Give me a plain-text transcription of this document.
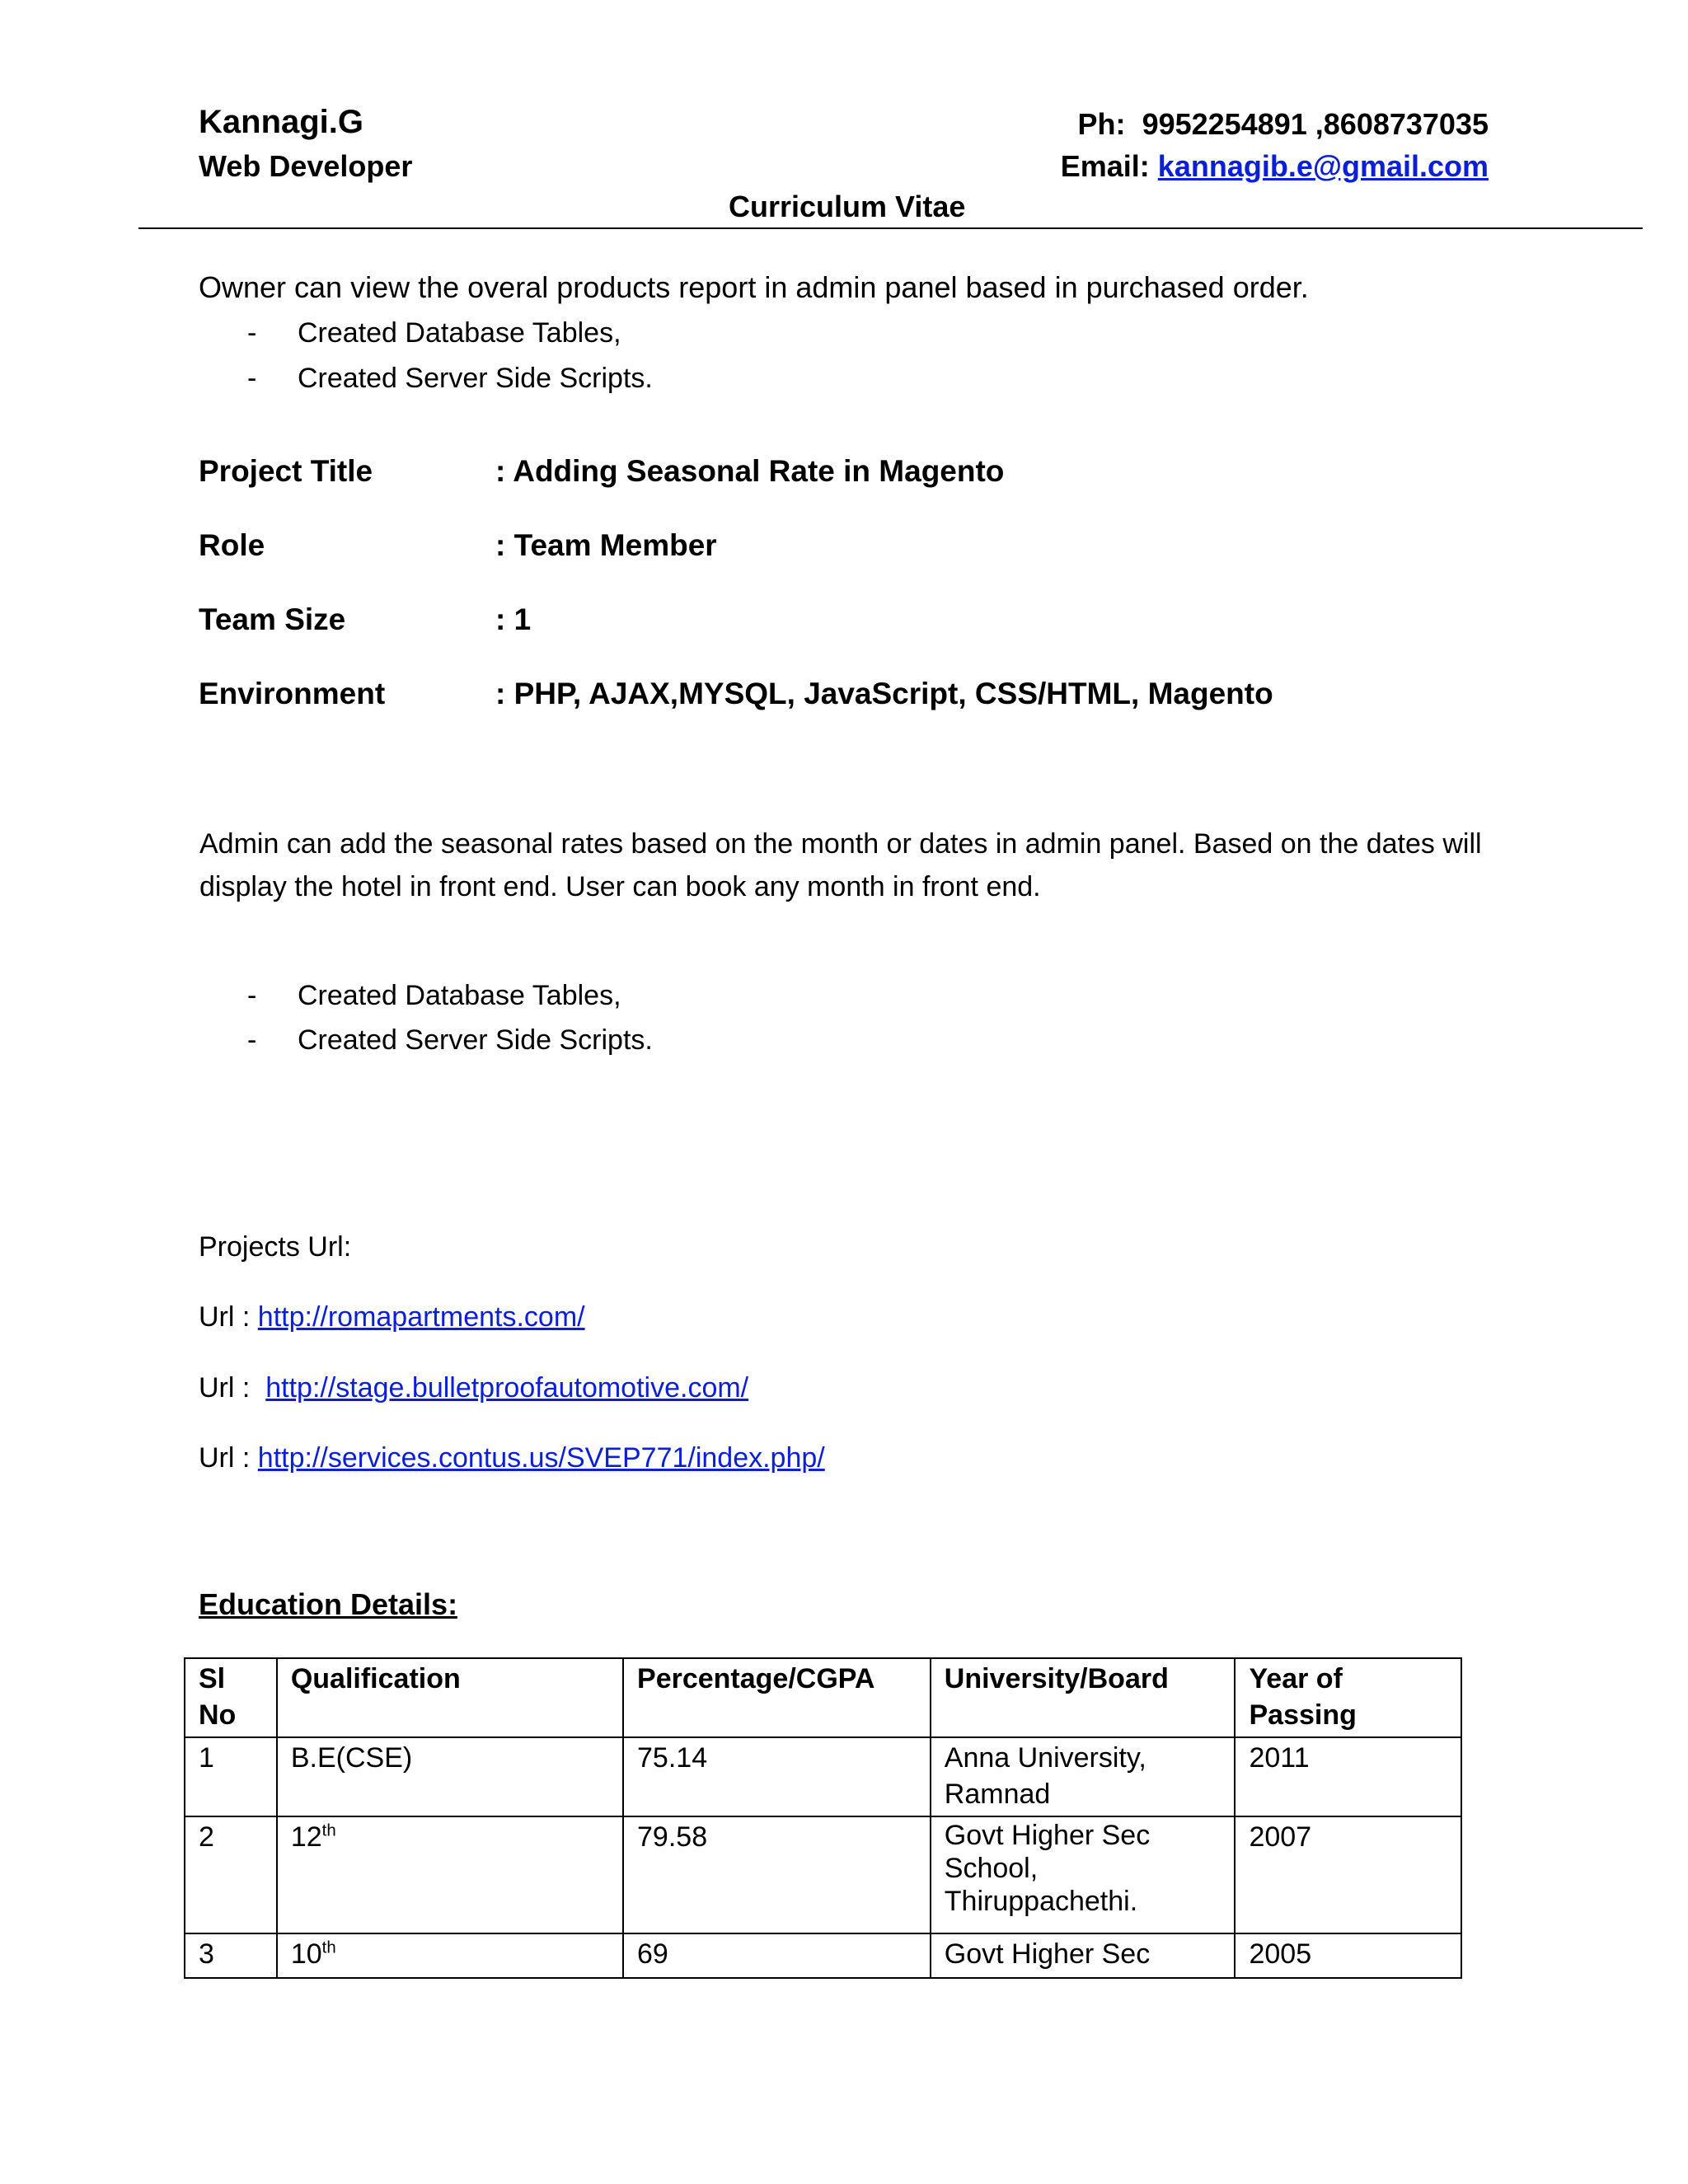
Kannagi.G
Web Developer
Ph: 9952254891 ,8608737035
Email: kannagib.e@gmail.com
Curriculum Vitae
Owner can view the overal products report in admin panel based in purchased order.
- Created Database Tables,
- Created Server Side Scripts.
Project Title	: Adding Seasonal Rate in Magento
Role	: Team Member
Team Size	: 1
Environment	: PHP, AJAX,MYSQL, JavaScript, CSS/HTML, Magento
Admin can add the seasonal rates based on the month or dates in admin panel. Based on the dates will display the hotel in front end. User can book any month in front end.
- Created Database Tables,
- Created Server Side Scripts.
Projects Url:
Url : http://romapartments.com/
Url : http://stage.bulletproofautomotive.com/
Url : http://services.contus.us/SVEP771/index.php/
Education Details:
Sl No	Qualification	Percentage/CGPA	University/Board	Year of Passing
1	B.E(CSE)	75.14	Anna University, Ramnad	2011
2	12th	79.58	Govt Higher Sec School, Thiruppachethi.	2007
3	10th	69	Govt Higher Sec	2005
